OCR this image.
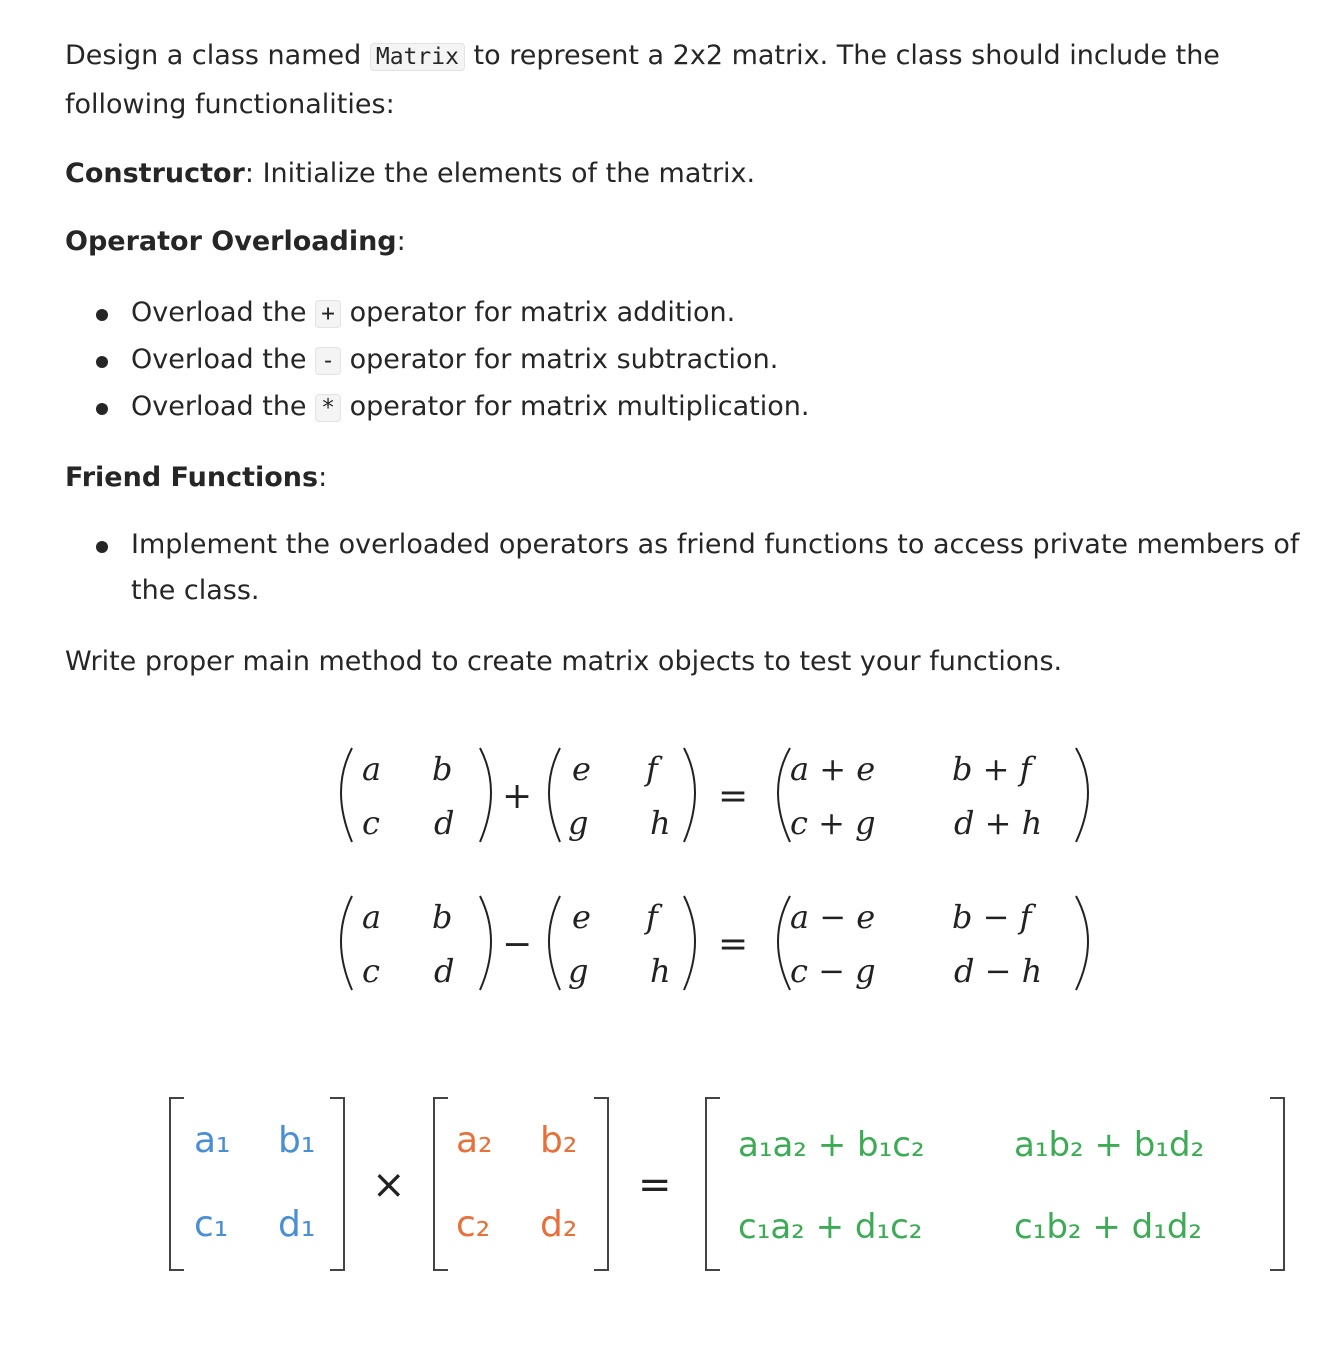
Design a class named Matrix to represent a 2x2 matrix. The class should include the following functionalities:

Constructor: Initialize the elements of the matrix.

Operator Overloading:

Overload the + operator for matrix addition.
Overload the - operator for matrix subtraction.
Overload the * operator for matrix multiplication.

Friend Functions:

Implement the overloaded operators as friend functions to access private members of the class.

Write proper main method to create matrix objects to test your functions.

a b
c d
+
e f
g h
=
a + e b + f
c + g d + h
a b
c d
−
e f
g h
=
a − e b − f
c − g d − h
a₁ b₁
c₁ d₁
×
a₂ b₂
c₂ d₂
=
a₁a₂ + b₁c₂	a₁b₂ + b₁d₂
c₁a₂ + d₁c₂	c₁b₂ + d₁d₂
